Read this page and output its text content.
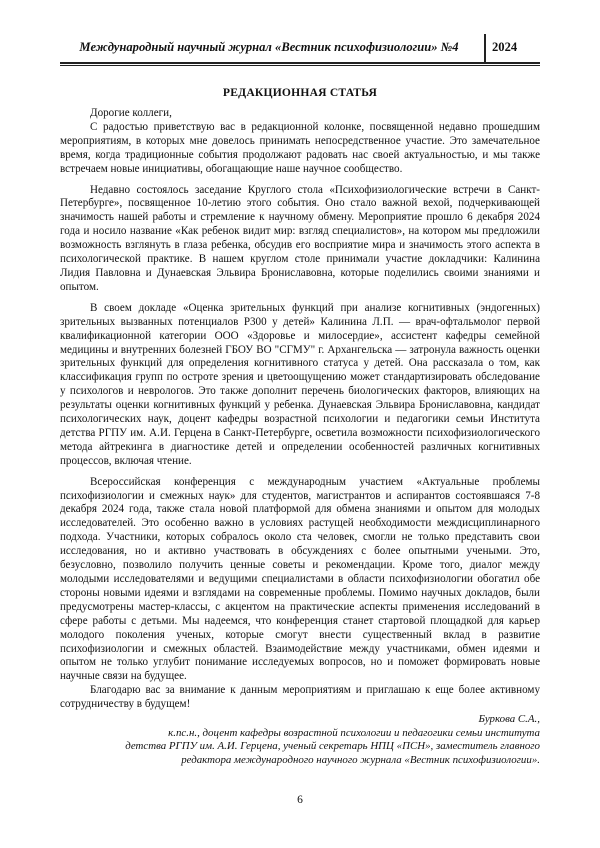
Международный научный журнал «Вестник психофизиологии» №4	2024
РЕДАКЦИОННАЯ СТАТЬЯ

Дорогие коллеги,

С радостью приветствую вас в редакционной колонке, посвященной недавно прошедшим мероприятиям, в которых мне довелось принимать непосредственное участие. Это замечательное время, когда традиционные события продолжают радовать нас своей актуальностью, и мы также встречаем новые инициативы, обогащающие наше научное сообщество.

Недавно состоялось заседание Круглого стола «Психофизиологические встречи в Санкт-Петербурге», посвященное 10-летию этого события. Оно стало важной вехой, подчеркивающей значимость нашей работы и стремление к научному обмену. Мероприятие прошло 6 декабря 2024 года и носило название «Как ребенок видит мир: взгляд специалистов», на котором мы предложили возможность взглянуть в глаза ребенка, обсудив его восприятие мира и значимость этого аспекта в психологической практике. В нашем круглом столе принимали участие докладчики: Калинина Лидия Павловна и Дунаевская Эльвира Брониславовна, которые поделились своими знаниями и опытом.

В своем докладе «Оценка зрительных функций при анализе когнитивных (эндогенных) зрительных вызванных потенциалов Р300 у детей» Калинина Л.П. — врач-офтальмолог первой квалификационной категории ООО «Здоровье и милосердие», ассистент кафедры семейной медицины и внутренних болезней ГБОУ ВО "СГМУ" г. Архангельска — затронула важность оценки зрительных функций для определения когнитивного статуса у детей. Она рассказала о том, как классификация групп по остроте зрения и цветоощущению может стандартизировать обследование у психологов и неврологов. Это также дополнит перечень биологических факторов, влияющих на результаты оценки когнитивных функций у ребенка. Дунаевская Эльвира Брониславовна, кандидат психологических наук, доцент кафедры возрастной психологии и педагогики семьи Института детства РГПУ им. А.И. Герцена в Санкт-Петербурге, осветила возможности психофизиологического метода айтрекинга в диагностике детей и определении особенностей различных когнитивных процессов, включая чтение.

Всероссийская конференция с международным участием «Актуальные проблемы психофизиологии и смежных наук» для студентов, магистрантов и аспирантов состоявшаяся 7-8 декабря 2024 года, также стала новой платформой для обмена знаниями и опытом для молодых исследователей. Это особенно важно в условиях растущей необходимости междисциплинарного подхода. Участники, которых собралось около ста человек, смогли не только представить свои исследования, но и активно участвовать в обсуждениях с более опытными учеными. Это, безусловно, позволило получить ценные советы и рекомендации. Кроме того, диалог между молодыми исследователями и ведущими специалистами в области психофизиологии обогатил обе стороны новыми идеями и взглядами на современные проблемы. Помимо научных докладов, были предусмотрены мастер-классы, с акцентом на практические аспекты применения исследований в сфере работы с детьми. Мы надеемся, что конференция станет стартовой площадкой для карьер молодого поколения ученых, которые смогут внести существенный вклад в развитие психофизиологии и смежных областей. Взаимодействие между участниками, обмен идеями и опытом не только углубит понимание исследуемых вопросов, но и поможет формировать новые научные связи на будущее.

Благодарю вас за внимание к данным мероприятиям и приглашаю к еще более активному сотрудничеству в будущем!

Буркова С.А.,
к.пс.н., доцент кафедры возрастной психологии и педагогики семьи института
детства РГПУ им. А.И. Герцена, ученый секретарь НПЦ «ПСН», заместитель главного
редактора международного научного журнала «Вестник психофизиологии».
6
